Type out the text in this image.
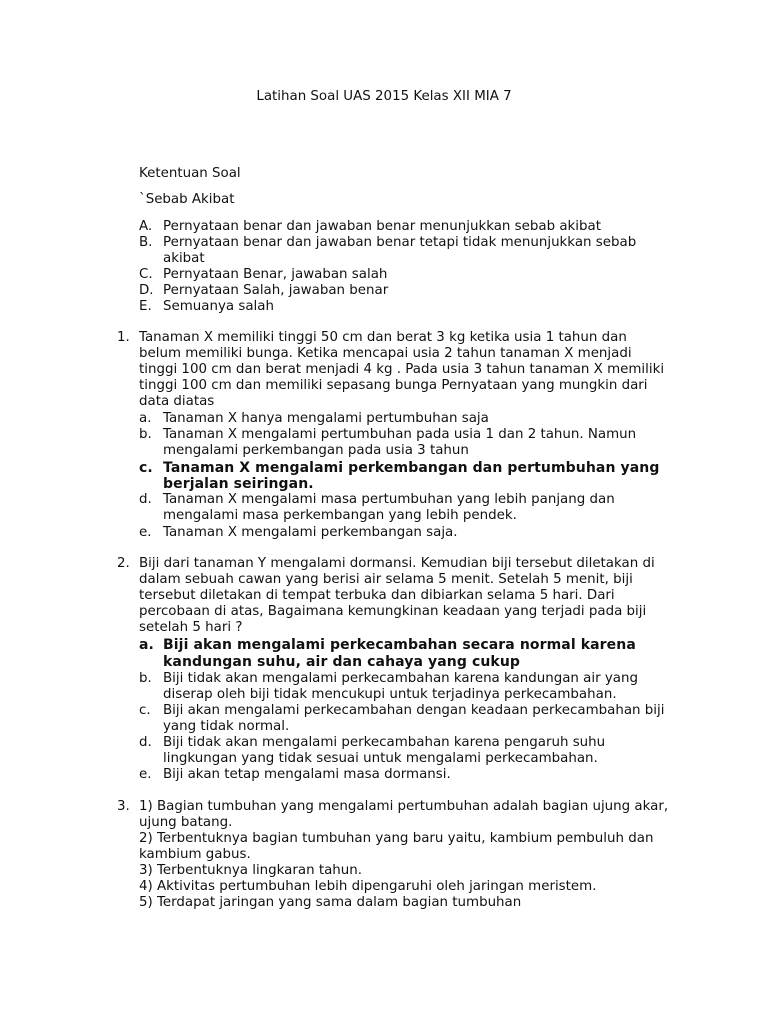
Latihan Soal UAS 2015 Kelas XII MIA 7
Ketentuan Soal
`Sebab Akibat
A. Pernyataan benar dan jawaban benar menunjukkan sebab akibat
B. Pernyataan benar dan jawaban benar tetapi tidak menunjukkan sebab akibat
C. Pernyataan Benar, jawaban salah
D. Pernyataan Salah, jawaban benar
E. Semuanya salah
1. Tanaman X memiliki tinggi 50 cm dan berat 3 kg ketika usia 1 tahun dan belum memiliki bunga. Ketika mencapai usia 2 tahun tanaman X menjadi tinggi 100 cm dan berat menjadi 4 kg . Pada usia 3 tahun tanaman X memiliki tinggi 100 cm dan memiliki sepasang bunga Pernyataan yang mungkin dari data diatas
a. Tanaman X hanya mengalami pertumbuhan saja
b. Tanaman X mengalami pertumbuhan pada usia 1 dan 2 tahun. Namun mengalami perkembangan pada usia 3 tahun
c. Tanaman X mengalami perkembangan dan pertumbuhan yang berjalan seiringan.
d. Tanaman X mengalami masa pertumbuhan yang lebih panjang dan mengalami masa perkembangan yang lebih pendek.
e. Tanaman X mengalami perkembangan saja.
2. Biji dari tanaman Y mengalami dormansi. Kemudian biji tersebut diletakan di dalam sebuah cawan yang berisi air selama 5 menit. Setelah 5 menit, biji tersebut diletakan di tempat terbuka dan dibiarkan selama 5 hari. Dari percobaan di atas, Bagaimana kemungkinan keadaan yang terjadi pada biji setelah 5 hari ?
a. Biji akan mengalami perkecambahan secara normal karena kandungan suhu, air dan cahaya yang cukup
b. Biji tidak akan mengalami perkecambahan karena kandungan air yang diserap oleh biji tidak mencukupi untuk terjadinya perkecambahan.
c. Biji akan mengalami perkecambahan dengan keadaan perkecambahan biji yang tidak normal.
d. Biji tidak akan mengalami perkecambahan karena pengaruh suhu lingkungan yang tidak sesuai untuk mengalami perkecambahan.
e. Biji akan tetap mengalami masa dormansi.
3. 1) Bagian tumbuhan yang mengalami pertumbuhan adalah bagian ujung akar, ujung batang.
2) Terbentuknya bagian tumbuhan yang baru yaitu, kambium pembuluh dan kambium gabus.
3) Terbentuknya lingkaran tahun.
4) Aktivitas pertumbuhan lebih dipengaruhi oleh jaringan meristem.
5) Terdapat jaringan yang sama dalam bagian tumbuhan
